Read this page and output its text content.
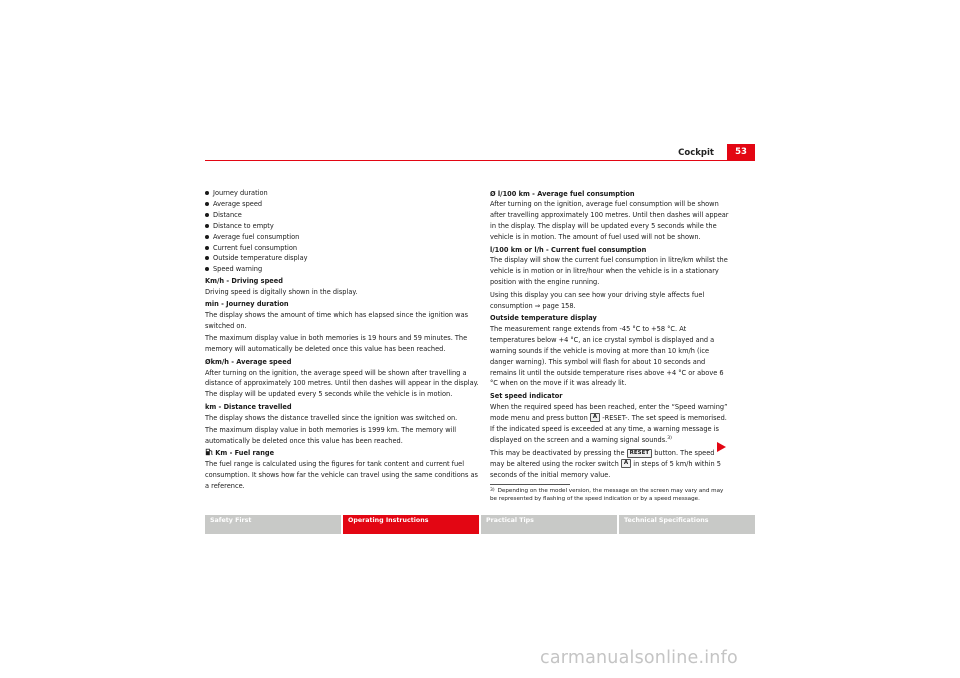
Cockpit	53
Journey duration
Average speed
Distance
Distance to empty
Average fuel consumption
Current fuel consumption
Outside temperature display
Speed warning
Km/h - Driving speed

Driving speed is digitally shown in the display.

min - Journey duration

The display shows the amount of time which has elapsed since the ignition was switched on.

The maximum display value in both memories is 19 hours and 59 minutes. The memory will automatically be deleted once this value has been reached.

Økm/h - Average speed

After turning on the ignition, the average speed will be shown after travelling a distance of approximately 100 metres. Until then dashes will appear in the display. The display will be updated every 5 seconds while the vehicle is in motion.

km - Distance travelled

The display shows the distance travelled since the ignition was switched on.

The maximum display value in both memories is 1999 km. The memory will automatically be deleted once this value has been reached.

Km - Fuel range

The fuel range is calculated using the figures for tank content and current fuel consumption. It shows how far the vehicle can travel using the same conditions as a reference.

Ø l/100 km - Average fuel consumption

After turning on the ignition, average fuel consumption will be shown after travelling approximately 100 metres. Until then dashes will appear in the display. The display will be updated every 5 seconds while the vehicle is in motion. The amount of fuel used will not be shown.

l/100 km or l/h - Current fuel consumption

The display will show the current fuel consumption in litre/km whilst the vehicle is in motion or in litre/hour when the vehicle is in a stationary position with the engine running.

Using this display you can see how your driving style affects fuel consumption ⇒ page 158.

Outside temperature display

The measurement range extends from -45 °C to +58 °C. At temperatures below +4 °C, an ice crystal symbol is displayed and a warning sounds if the vehicle is moving at more than 10 km/h (ice danger warning). This symbol will flash for about 10 seconds and remains lit until the outside temperature rises above +4 °C or above 6 °C when on the move if it was already lit.

Set speed indicator

When the required speed has been reached, enter the “Speed warning” mode menu and press button A -RESET-. The set speed is memorised. If the indicated speed is exceeded at any time, a warning message is displayed on the screen and a warning signal sounds.$^{3)}$

This may be deactivated by pressing the RESET button. The speed may be altered using the rocker switch A in steps of 5 km/h within 5 seconds of the initial memory value.

$^{3)}$ Depending on the model version, the message on the screen may vary and may be represented by flashing of the speed indication or by a speed message.
Safety First	Operating Instructions	Practical Tips	Technical Specifications
carmanualsonline.info
